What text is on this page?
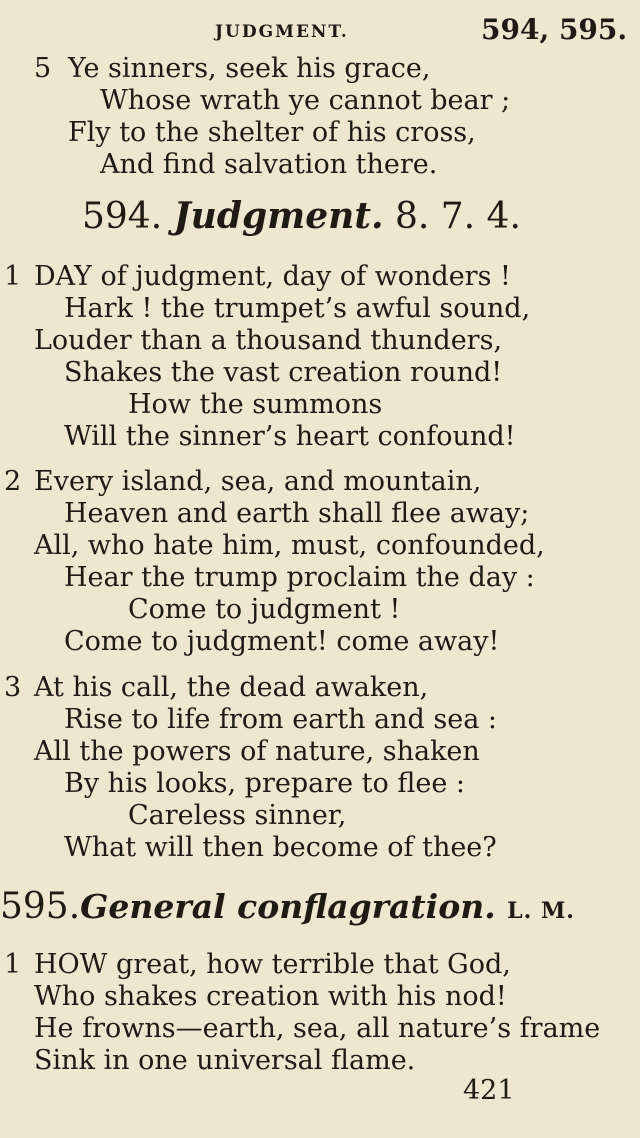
JUDGMENT.	594, 595.
5 Ye sinners, seek his grace,
Whose wrath ye cannot bear ;
Fly to the shelter of his cross,
And find salvation there.
594. Judgment. 8. 7. 4.
1 DAY of judgment, day of wonders !
Hark ! the trumpet’s awful sound,
Louder than a thousand thunders,
Shakes the vast creation round!
How the summons
Will the sinner’s heart confound!
2 Every island, sea, and mountain,
Heaven and earth shall flee away;
All, who hate him, must, confounded,
Hear the trump proclaim the day :
Come to judgment !
Come to judgment! come away!
3 At his call, the dead awaken,
Rise to life from earth and sea :
All the powers of nature, shaken
By his looks, prepare to flee :
Careless sinner,
What will then become of thee?
595.General conflagration. L. M.
1 HOW great, how terrible that God,
Who shakes creation with his nod!
He frowns—earth, sea, all nature’s frame
Sink in one universal flame.
421
